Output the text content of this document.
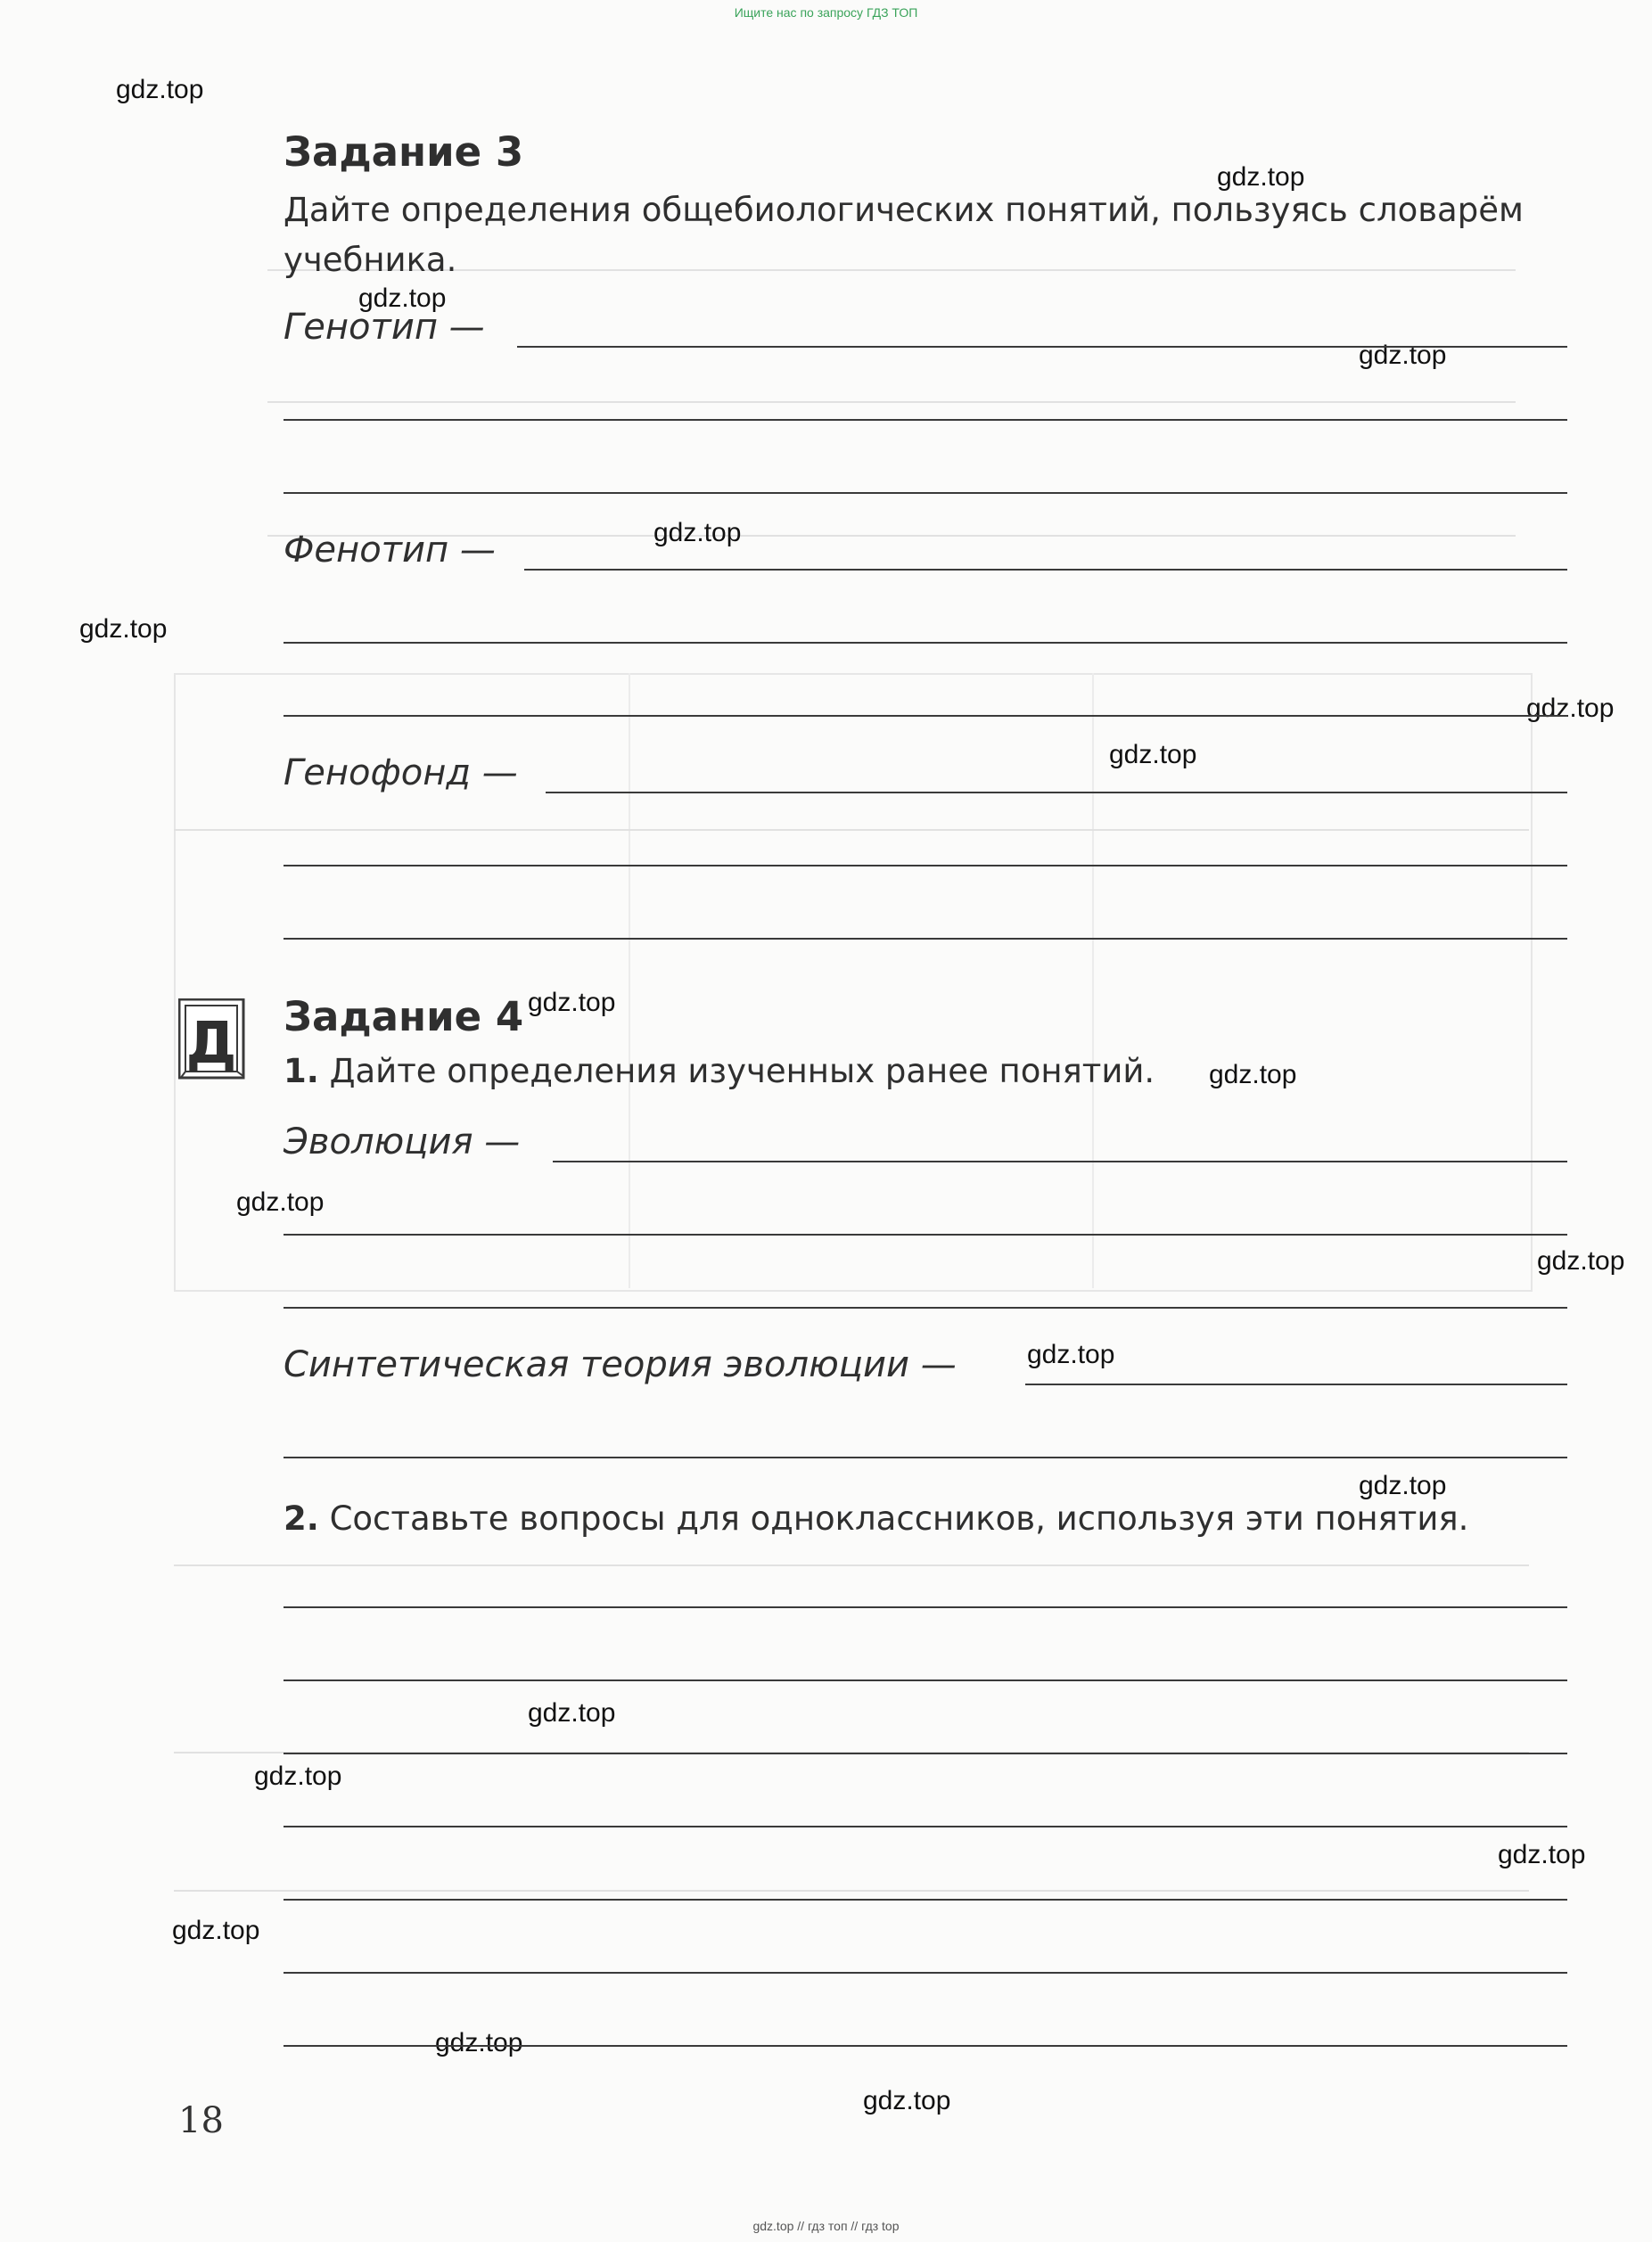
Ищите нас по запросу ГДЗ ТОП
gdz.top
gdz.top
gdz.top
gdz.top
gdz.top
gdz.top
gdz.top
gdz.top
gdz.top
gdz.top
gdz.top
gdz.top
gdz.top
gdz.top
gdz.top
gdz.top
gdz.top
gdz.top
gdz.top
gdz.top
Задание 3
Дайте определения общебиологических понятий, пользуясь словарём учебника.
Генотип —
Фенотип —
Генофонд —
Д Задание 4
1. Дайте определения изученных ранее понятий.
Эволюция —
Синтетическая теория эволюции —
2. Составьте вопросы для одноклассников, используя эти понятия.
18
gdz.top // гдз топ // гдз top
